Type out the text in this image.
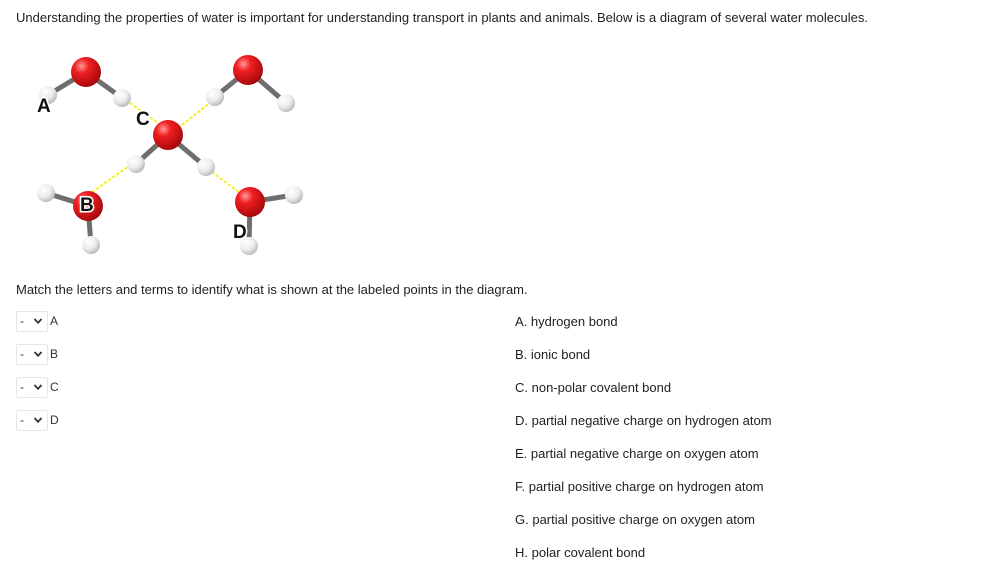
Understanding the properties of water is important for understanding transport in plants and animals. Below is a diagram of several water molecules.

A
B
C
D

Match the letters and terms to identify what is shown at the labeled points in the diagram.

- A
- B
- C
- D

A. hydrogen bond

B. ionic bond

C. non-polar covalent bond

D. partial negative charge on hydrogen atom

E. partial negative charge on oxygen atom

F. partial positive charge on hydrogen atom

G. partial positive charge on oxygen atom

H. polar covalent bond
